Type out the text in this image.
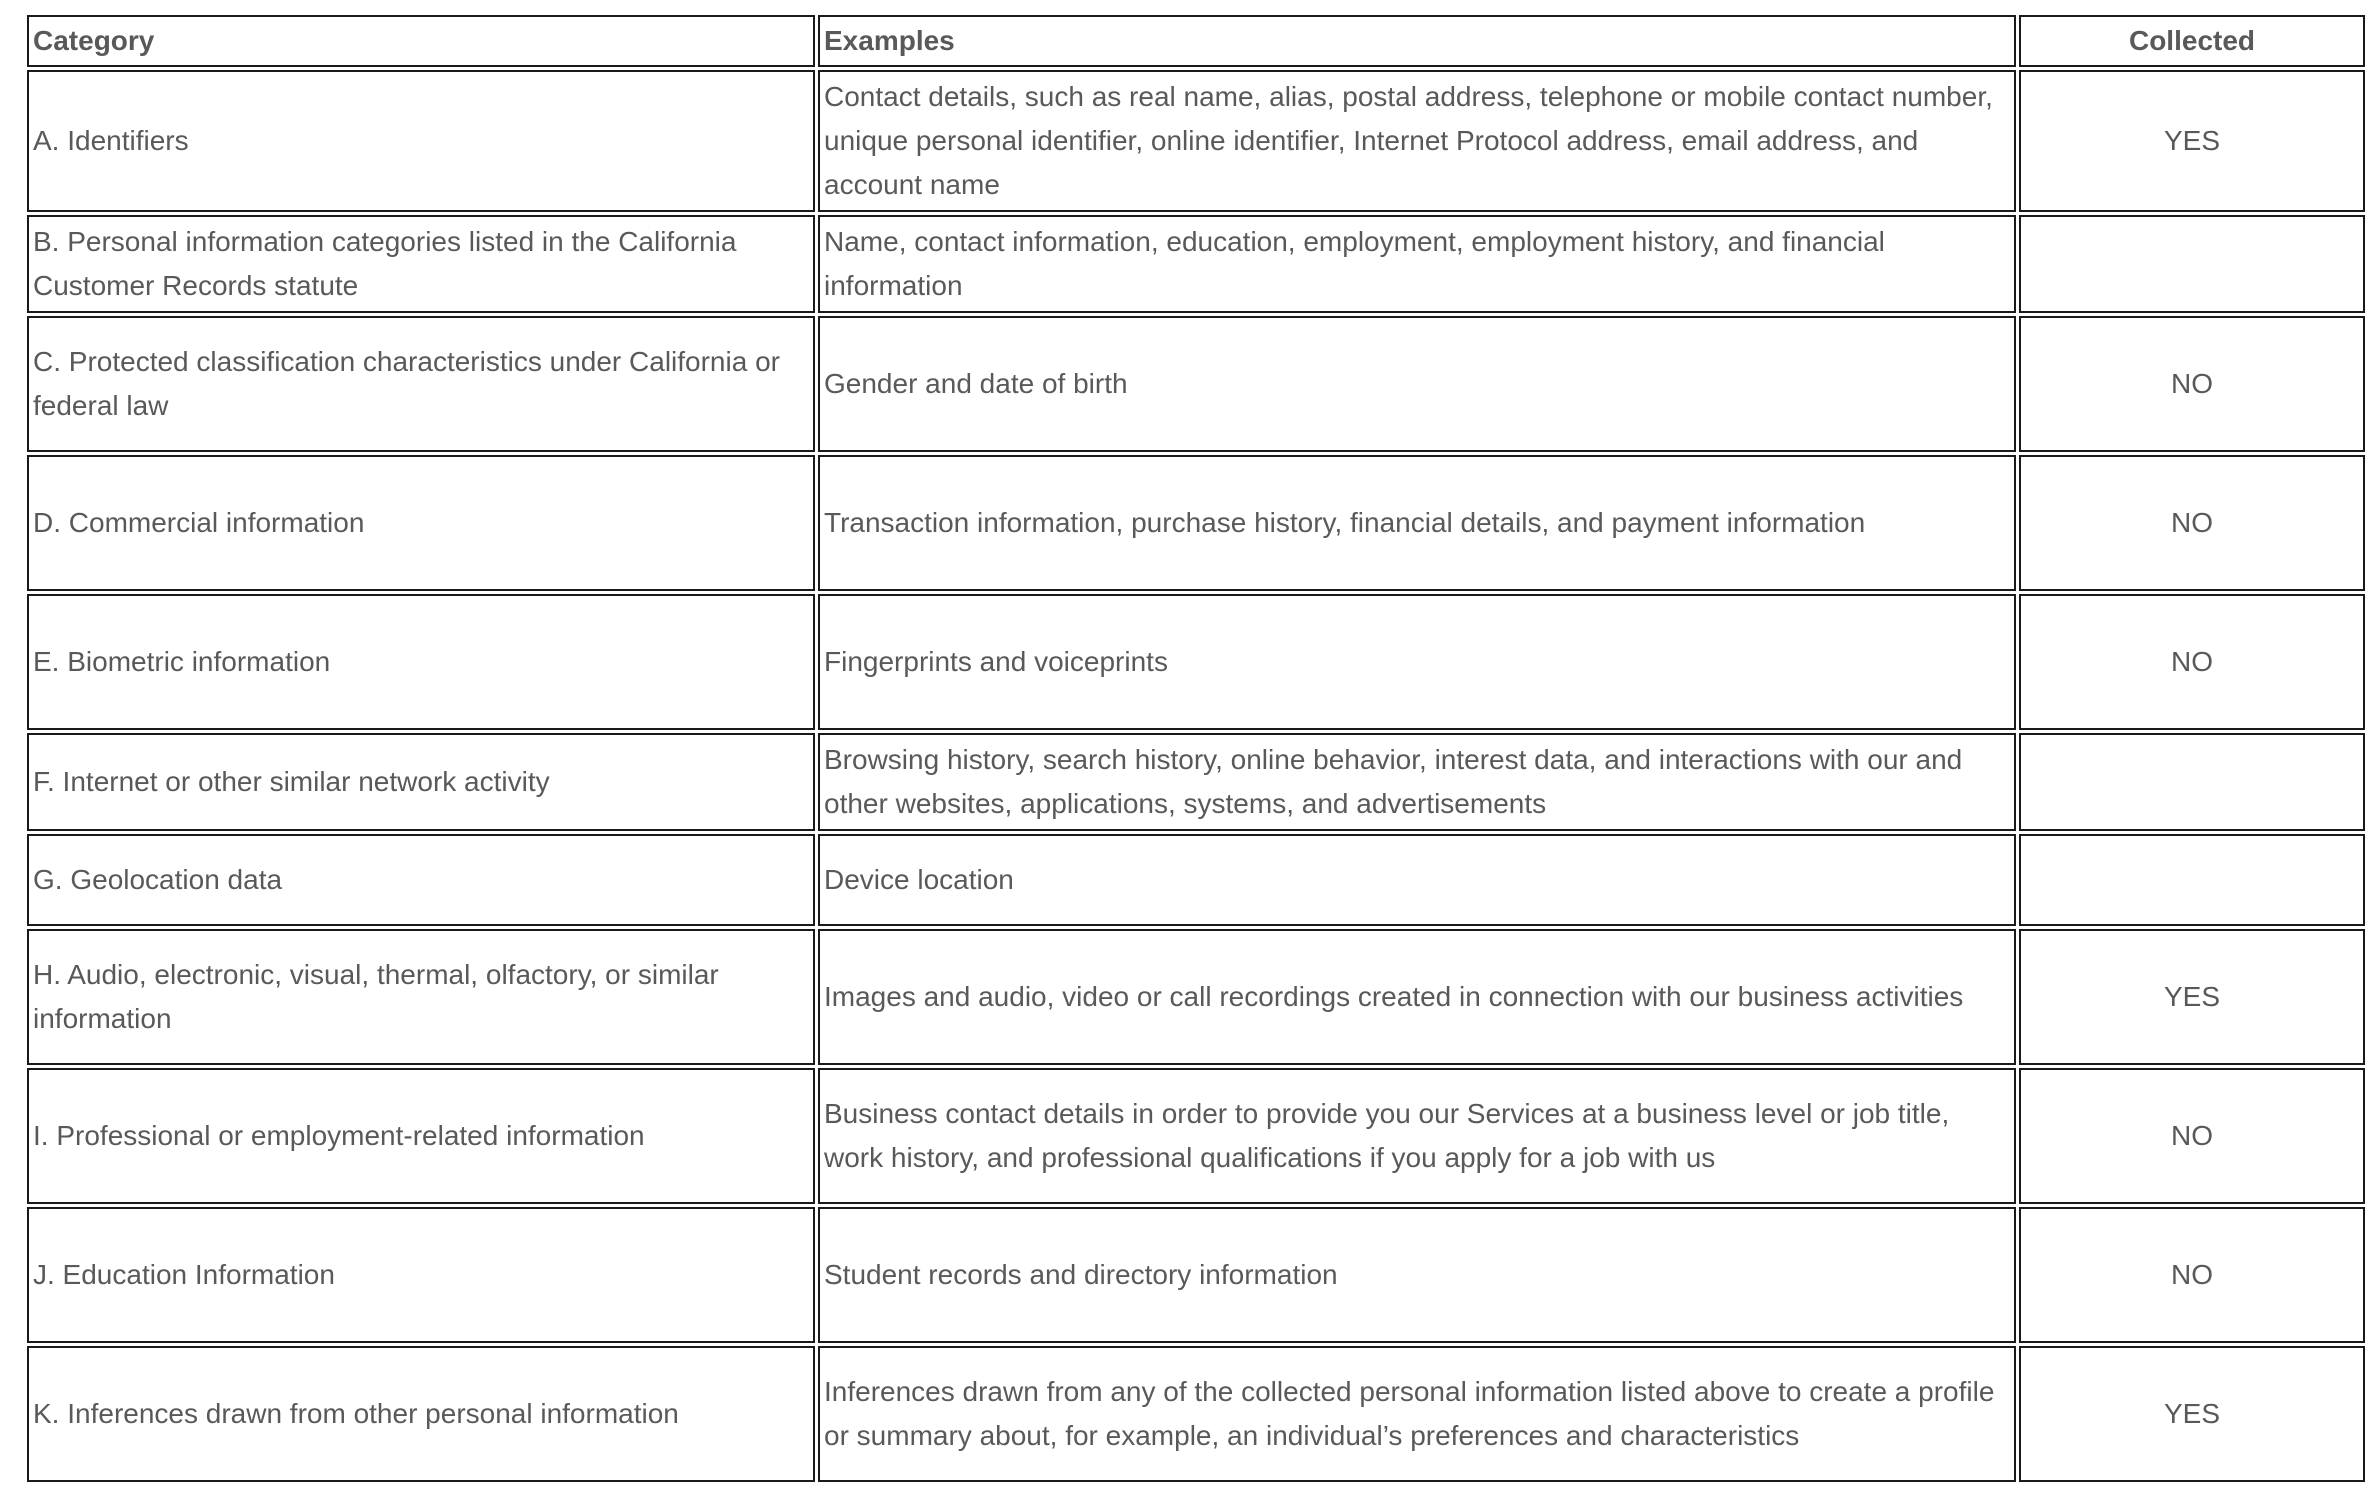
Category	Examples	Collected
A. Identifiers	Contact details, such as real name, alias, postal address, telephone or mobile contact number, unique personal identifier, online identifier, Internet Protocol address, email address, and account name	YES
B. Personal information categories listed in the California Customer Records statute	Name, contact information, education, employment, employment history, and financial information	
C. Protected classification characteristics under California or federal law	Gender and date of birth	NO
D. Commercial information	Transaction information, purchase history, financial details, and payment information	NO
E. Biometric information	Fingerprints and voiceprints	NO
F. Internet or other similar network activity	Browsing history, search history, online behavior, interest data, and interactions with our and other websites, applications, systems, and advertisements	
G. Geolocation data	Device location	
H. Audio, electronic, visual, thermal, olfactory, or similar information	Images and audio, video or call recordings created in connection with our business activities	YES
I. Professional or employment-related information	Business contact details in order to provide you our Services at a business level or job title, work history, and professional qualifications if you apply for a job with us	NO
J. Education Information	Student records and directory information	NO
K. Inferences drawn from other personal information	Inferences drawn from any of the collected personal information listed above to create a profile or summary about, for example, an individual’s preferences and characteristics	YES
